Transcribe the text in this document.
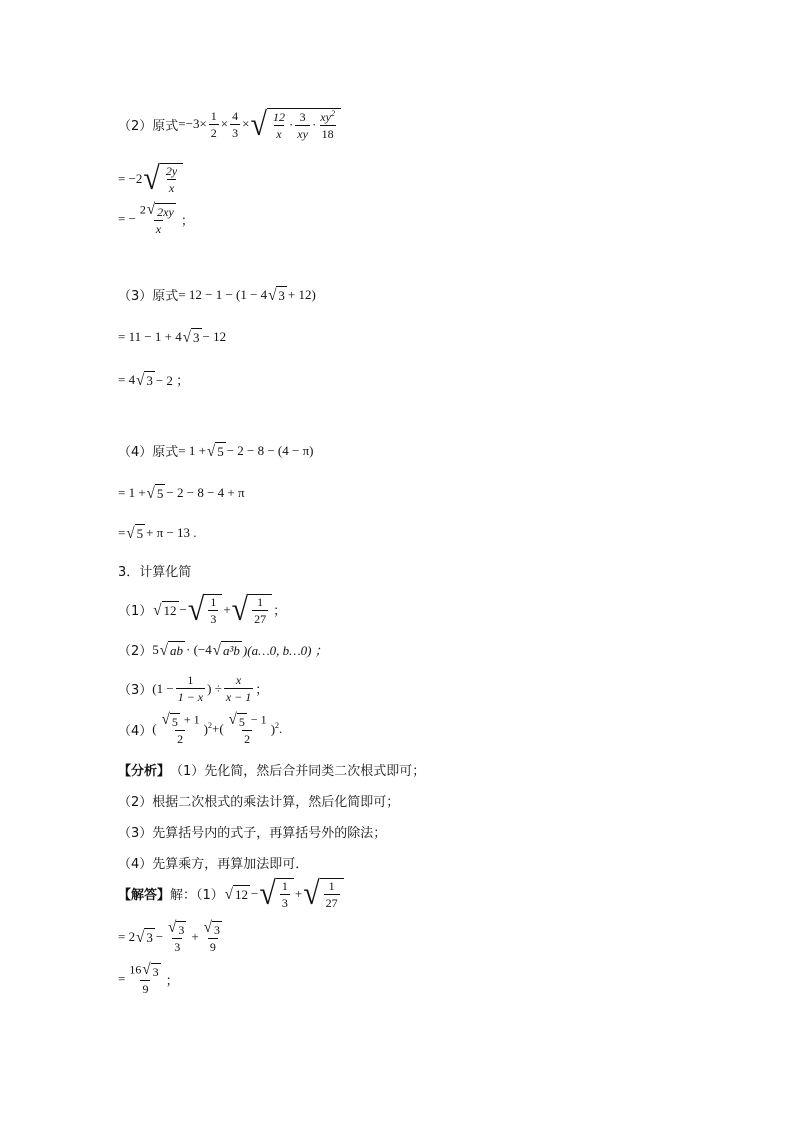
（2）原式 = $-3\times \frac{1}{2} \times \frac{4}{3}$ × √ $\frac{12}{x} \cdot \frac{3}{xy} \cdot \frac{xy^2}{18}$
= −2 √ $\frac{2y}{x}$
= − $\frac{2 √ 2xy}{x}$ ；
（3）原式 = 12 − 1 − (1 − 4 √ 3 + 12)
= 11 − 1 + 4 √ 3 − 12
= 4 √ 3 − 2 ；
（4）原式 = 1 + √ 5 − 2 − 8 − (4 − π)
= 1 + √ 5 − 2 − 8 − 4 + π
= √ 5 + π − 13 .
3．计算化简
（1） √ 12 − √ $\frac{1}{3}$ + √ $\frac{1}{27}$ ；
（2） 5 √ ab · (−4 √ a³b )(a…0, b…0) ；
（3） ($1 - \frac{1}{1 - x}$ ) ÷ $\frac{x}{x - 1}$ ；
（4） ( $\frac{√ 5 + 1}{2} )^2$ + ( $\frac{√ 5 - 1}{2} )^2$ .
【分析】 （1）先化简，然后合并同类二次根式即可；
（2）根据二次根式的乘法计算，然后化简即可；
（3）先算括号内的式子，再算括号外的除法；
（4）先算乘方，再算加法即可．
【解答】 解：（1） √ 12 − √ $\frac{1}{3}$ + √ $\frac{1}{27}$
= 2 √ $3 - \frac{√ 3}{3} + \frac{√ 3}{9}$
= $\frac{16 √ 3}{9}$ ；
